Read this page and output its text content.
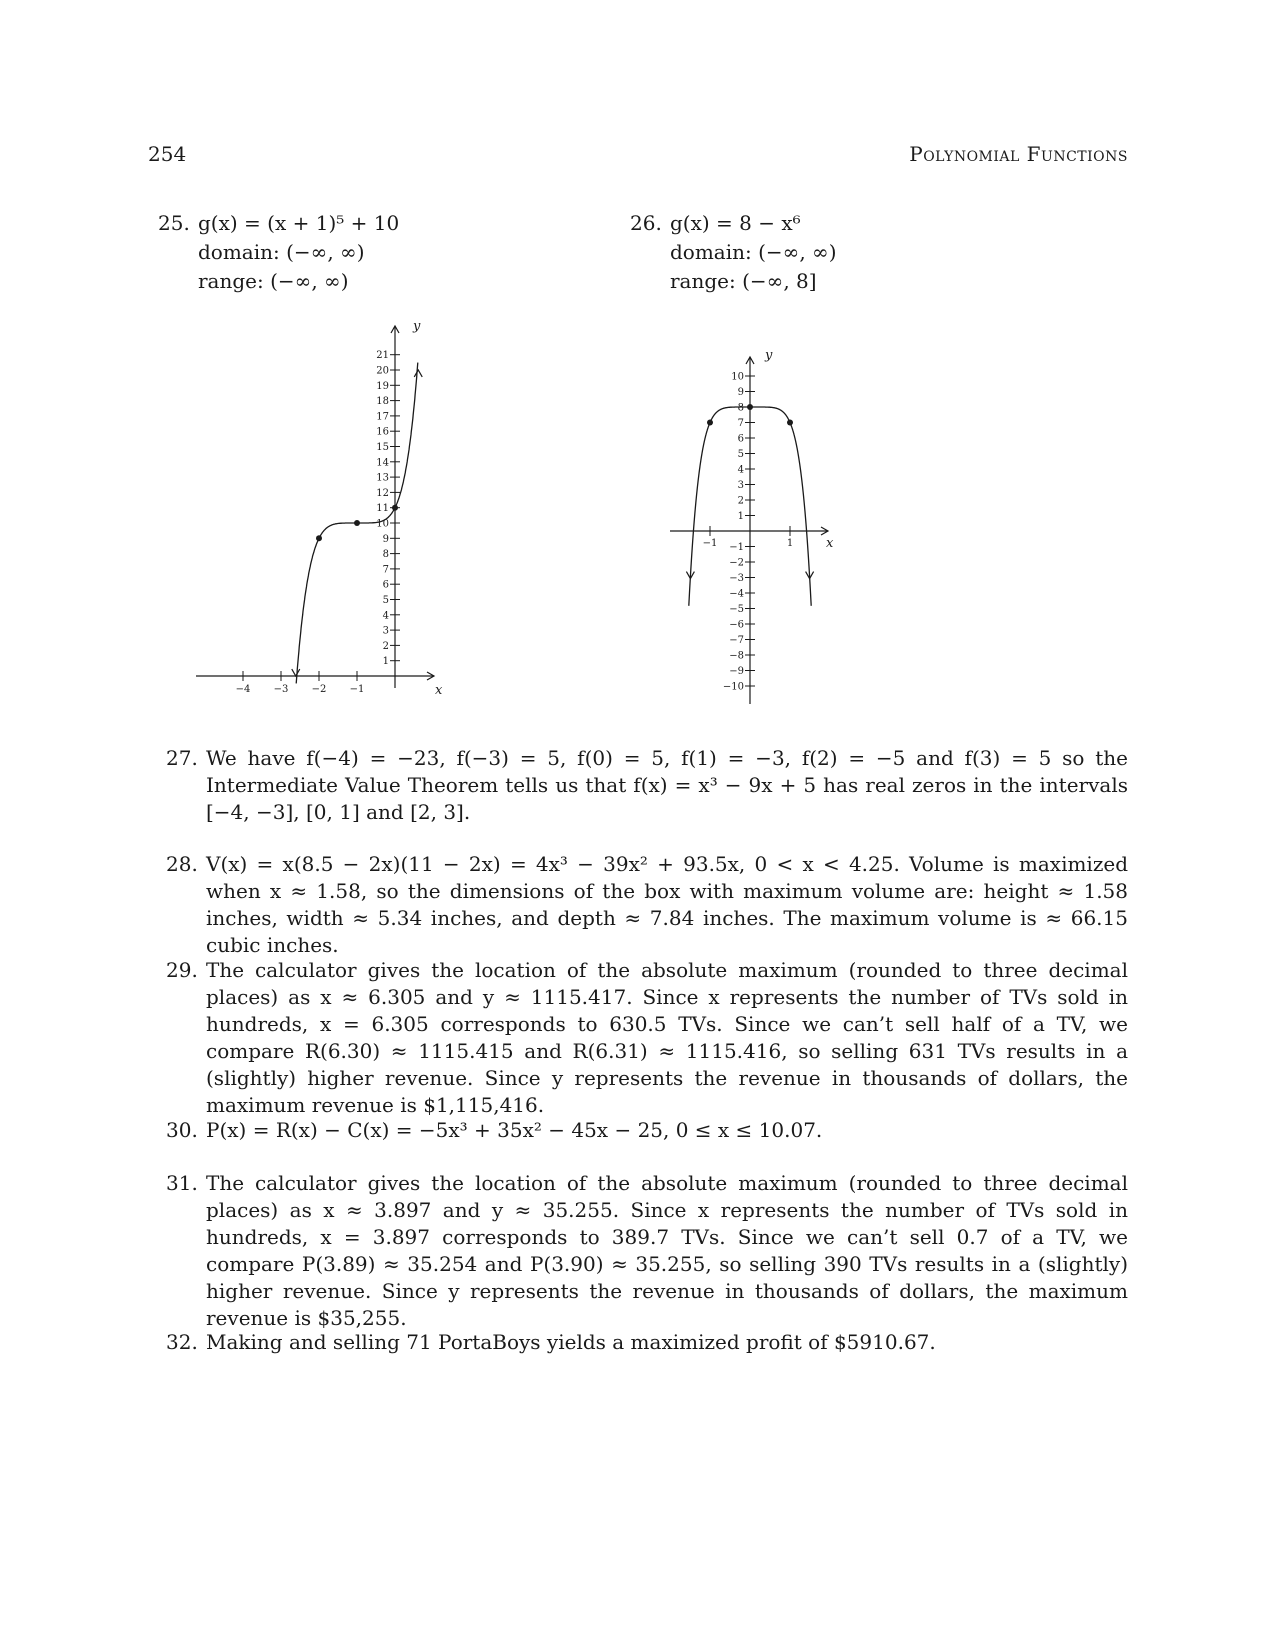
254	Polynomial Functions
25. g(x) = (x + 1)⁵ + 10
domain: (−∞, ∞)
range: (−∞, ∞)
26. g(x) = 8 − x⁶
domain: (−∞, ∞)
range: (−∞, 8]
−4 −3 −2 −1
1
2
3
4
5
6
7
8
9
10
11
12
13
14
15
16
17
18
19
20
21
x
y
−1	1
10
9
8
7
6
5
4
3
2
1
−1
−2
−3
−4
−5
−6
−7
−8
−9
−10
x
y
27. We have f(−4) = −23, f(−3) = 5, f(0) = 5, f(1) = −3, f(2) = −5 and f(3) = 5 so the Intermediate Value Theorem tells us that f(x) = x³ − 9x + 5 has real zeros in the intervals [−4, −3], [0, 1] and [2, 3].
28. V(x) = x(8.5 − 2x)(11 − 2x) = 4x³ − 39x² + 93.5x, 0 < x < 4.25. Volume is maximized when x ≈ 1.58, so the dimensions of the box with maximum volume are: height ≈ 1.58 inches, width ≈ 5.34 inches, and depth ≈ 7.84 inches. The maximum volume is ≈ 66.15 cubic inches.
29. The calculator gives the location of the absolute maximum (rounded to three decimal places) as x ≈ 6.305 and y ≈ 1115.417. Since x represents the number of TVs sold in hundreds, x = 6.305 corresponds to 630.5 TVs. Since we can’t sell half of a TV, we compare R(6.30) ≈ 1115.415 and R(6.31) ≈ 1115.416, so selling 631 TVs results in a (slightly) higher revenue. Since y represents the revenue in thousands of dollars, the maximum revenue is $1,115,416.
30. P(x) = R(x) − C(x) = −5x³ + 35x² − 45x − 25, 0 ≤ x ≤ 10.07.
31. The calculator gives the location of the absolute maximum (rounded to three decimal places) as x ≈ 3.897 and y ≈ 35.255. Since x represents the number of TVs sold in hundreds, x = 3.897 corresponds to 389.7 TVs. Since we can’t sell 0.7 of a TV, we compare P(3.89) ≈ 35.254 and P(3.90) ≈ 35.255, so selling 390 TVs results in a (slightly) higher revenue. Since y represents the revenue in thousands of dollars, the maximum revenue is $35,255.
32. Making and selling 71 PortaBoys yields a maximized profit of $5910.67.
